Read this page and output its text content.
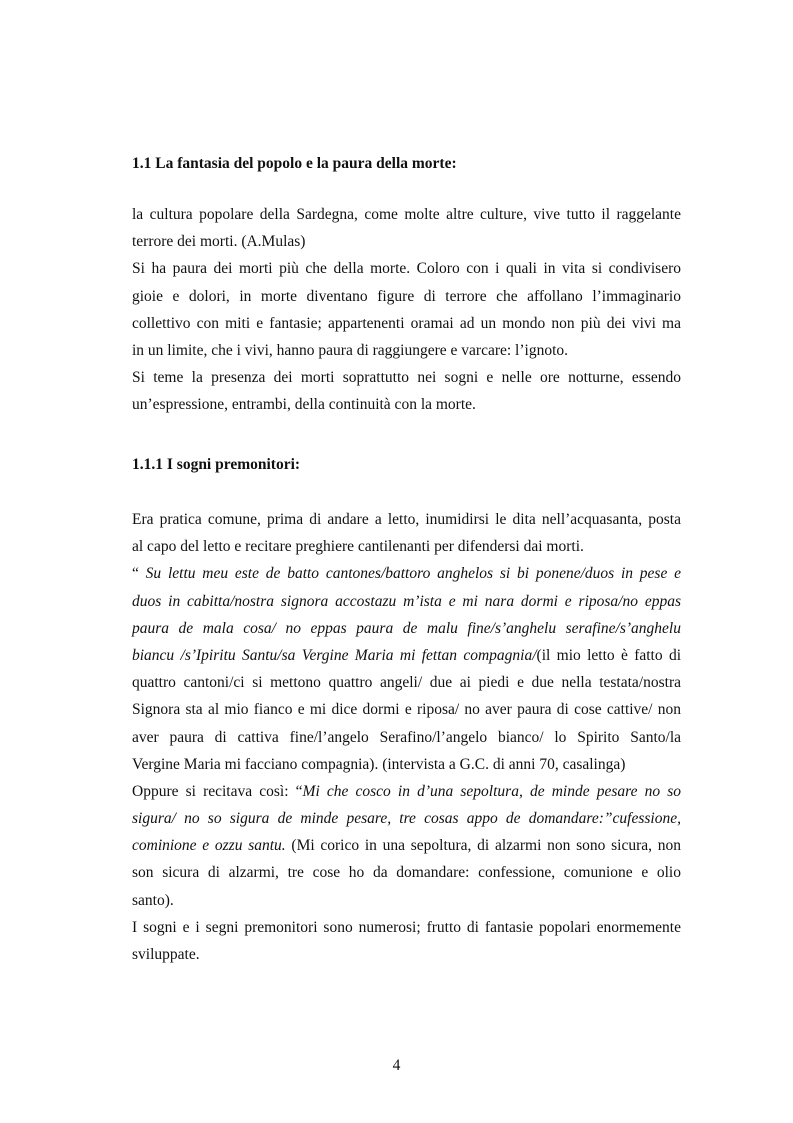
1.1 La fantasia del popolo e la paura della morte:
la cultura popolare della Sardegna, come molte altre culture, vive tutto il raggelante
terrore dei morti. (A.Mulas)
Si ha paura dei morti più che della morte. Coloro con i quali in vita si condivisero
gioie e dolori, in morte diventano figure di terrore che affollano l’immaginario
collettivo con miti e fantasie; appartenenti oramai ad un mondo non più dei vivi ma
in un limite, che i vivi, hanno paura di raggiungere e varcare: l’ignoto.
Si teme la presenza dei morti soprattutto nei sogni e nelle ore notturne, essendo
un’espressione, entrambi, della continuità con la morte.
1.1.1 I sogni premonitori:
Era pratica comune, prima di andare a letto, inumidirsi le dita nell’acquasanta, posta
al capo del letto e recitare preghiere cantilenanti per difendersi dai morti.
“ Su lettu meu este de batto cantones/battoro anghelos si bi ponene/duos in pese e
duos in cabitta/nostra signora accostazu m’ista e mi nara dormi e riposa/no eppas
paura de mala cosa/ no eppas paura de malu fine/s’anghelu serafine/s’anghelu
biancu /s’Ipiritu Santu/sa Vergine Maria mi fettan compagnia/(il mio letto è fatto di
quattro cantoni/ci si mettono quattro angeli/ due ai piedi e due nella testata/nostra
Signora sta al mio fianco e mi dice dormi e riposa/ no aver paura di cose cattive/ non
aver paura di cattiva fine/l’angelo Serafino/l’angelo bianco/ lo Spirito Santo/la
Vergine Maria mi facciano compagnia). (intervista a G.C. di anni 70, casalinga)
Oppure si recitava così: “Mi che cosco in d’una sepoltura, de minde pesare no so
sigura/ no so sigura de minde pesare, tre cosas appo de domandare:”cufessione,
cominione e ozzu santu. (Mi corico in una sepoltura, di alzarmi non sono sicura, non
son sicura di alzarmi, tre cose ho da domandare: confessione, comunione e olio
santo).
I sogni e i segni premonitori sono numerosi; frutto di fantasie popolari enormemente
sviluppate.
4
